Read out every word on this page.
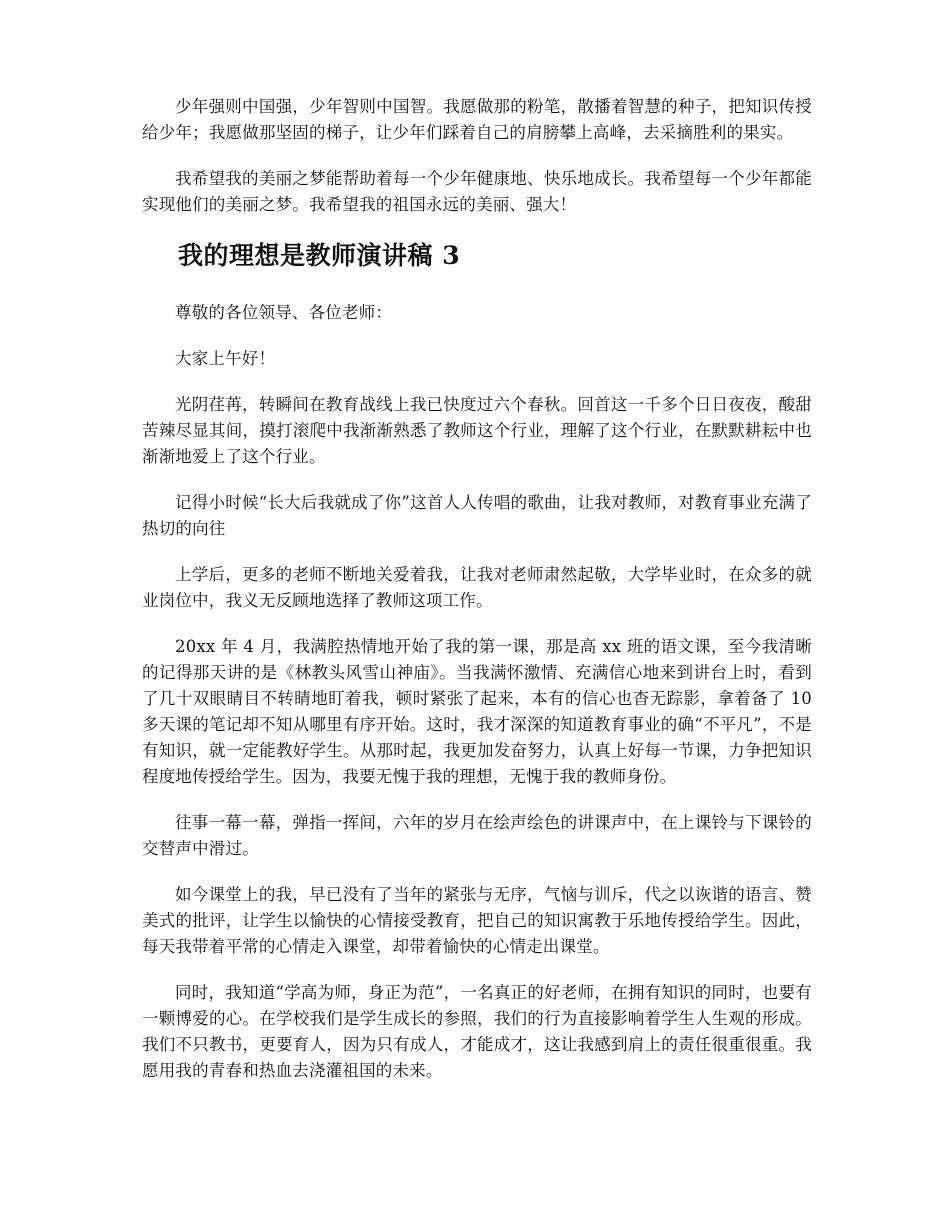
少年强则中国强，少年智则中国智。我愿做那的粉笔，散播着智慧的种子，把知识传授给少年；我愿做那坚固的梯子，让少年们踩着自己的肩膀攀上高峰，去采摘胜利的果实。

我希望我的美丽之梦能帮助着每一个少年健康地、快乐地成长。我希望每一个少年都能实现他们的美丽之梦。我希望我的祖国永远的美丽、强大！

我的理想是教师演讲稿 3

尊敬的各位领导、各位老师：

大家上午好！

光阴荏苒，转瞬间在教育战线上我已快度过六个春秋。回首这一千多个日日夜夜，酸甜苦辣尽显其间，摸打滚爬中我渐渐熟悉了教师这个行业，理解了这个行业，在默默耕耘中也渐渐地爱上了这个行业。

记得小时候“长大后我就成了你”这首人人传唱的歌曲，让我对教师，对教育事业充满了热切的向往

上学后，更多的老师不断地关爱着我，让我对老师肃然起敬，大学毕业时，在众多的就业岗位中，我义无反顾地选择了教师这项工作。

20xx 年 4 月，我满腔热情地开始了我的第一课，那是高 xx 班的语文课，至今我清晰的记得那天讲的是《林教头风雪山神庙》。当我满怀激情、充满信心地来到讲台上时，看到了几十双眼睛目不转睛地盯着我，顿时紧张了起来，本有的信心也杳无踪影，拿着备了 10 多天课的笔记却不知从哪里有序开始。这时，我才深深的知道教育事业的确“不平凡”，不是有知识，就一定能教好学生。从那时起，我更加发奋努力，认真上好每一节课，力争把知识程度地传授给学生。因为，我要无愧于我的理想，无愧于我的教师身份。

往事一幕一幕，弹指一挥间，六年的岁月在绘声绘色的讲课声中，在上课铃与下课铃的交替声中滑过。

如今课堂上的我，早已没有了当年的紧张与无序，气恼与训斥，代之以诙谐的语言、赞美式的批评，让学生以愉快的心情接受教育，把自己的知识寓教于乐地传授给学生。因此，每天我带着平常的心情走入课堂，却带着愉快的心情走出课堂。

同时，我知道“学高为师，身正为范”，一名真正的好老师，在拥有知识的同时，也要有一颗博爱的心。在学校我们是学生成长的参照，我们的行为直接影响着学生人生观的形成。我们不只教书，更要育人，因为只有成人，才能成才，这让我感到肩上的责任很重很重。我愿用我的青春和热血去浇灌祖国的未来。
